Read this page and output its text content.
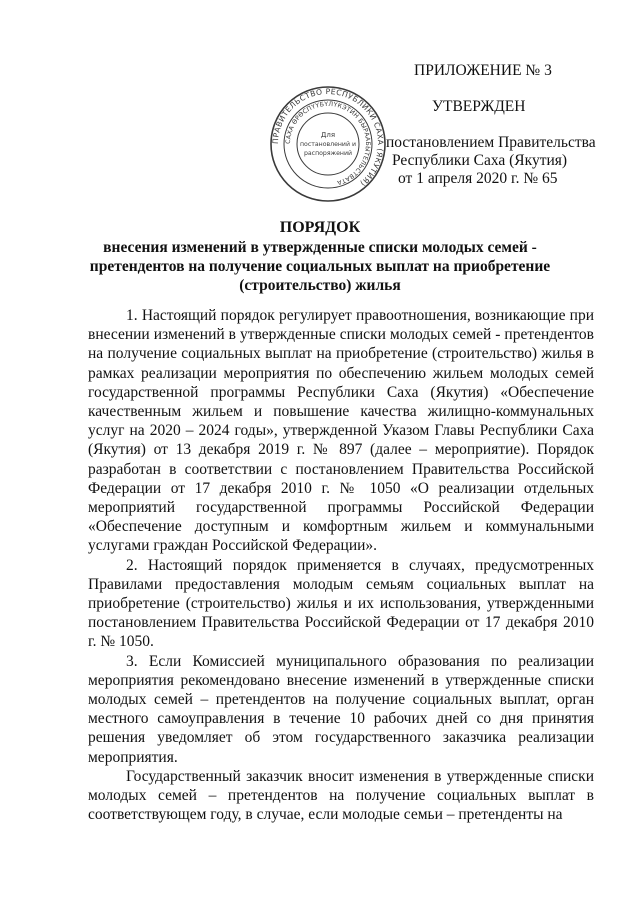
ПРИЛОЖЕНИЕ № 3
УТВЕРЖДЕН
постановлением Правительства
Республики Саха (Якутия)
от 1 апреля 2020 г. № 65
ПРАВИТЕЛЬСТВО РЕСПУБЛИКИ САХА (ЯКУТИЯ)
САХА ӨРӨСПҮҮБҮЛҮКЭТИН БЫРААБЫТЕЛЬСТВАТА
Для
постановлений и
распоряжений
ПОРЯДОК
внесения изменений в утвержденные списки молодых семей -
претендентов на получение социальных выплат на приобретение
(строительство) жилья

1. Настоящий порядок регулирует правоотношения, возникающие при внесении изменений в утвержденные списки молодых семей - претендентов на получение социальных выплат на приобретение (строительство) жилья в рамках реализации мероприятия по обеспечению жильем молодых семей государственной программы Республики Саха (Якутия) «Обеспечение качественным жильем и повышение качества жилищно-коммунальных услуг на 2020 – 2024 годы», утвержденной Указом Главы Республики Саха (Якутия) от 13 декабря 2019 г. № 897 (далее – мероприятие). Порядок разработан в соответствии с постановлением Правительства Российской Федерации от 17 декабря 2010 г. № 1050 «О реализации отдельных мероприятий государственной программы Российской Федерации «Обеспечение доступным и комфортным жильем и коммунальными услугами граждан Российской Федерации».

2. Настоящий порядок применяется в случаях, предусмотренных Правилами предоставления молодым семьям социальных выплат на приобретение (строительство) жилья и их использования, утвержденными постановлением Правительства Российской Федерации от 17 декабря 2010 г. № 1050.

3. Если Комиссией муниципального образования по реализации мероприятия рекомендовано внесение изменений в утвержденные списки молодых семей – претендентов на получение социальных выплат, орган местного самоуправления в течение 10 рабочих дней со дня принятия решения уведомляет об этом государственного заказчика реализации мероприятия.

Государственный заказчик вносит изменения в утвержденные списки молодых семей – претендентов на получение социальных выплат в соответствующем году, в случае, если молодые семьи – претенденты на
